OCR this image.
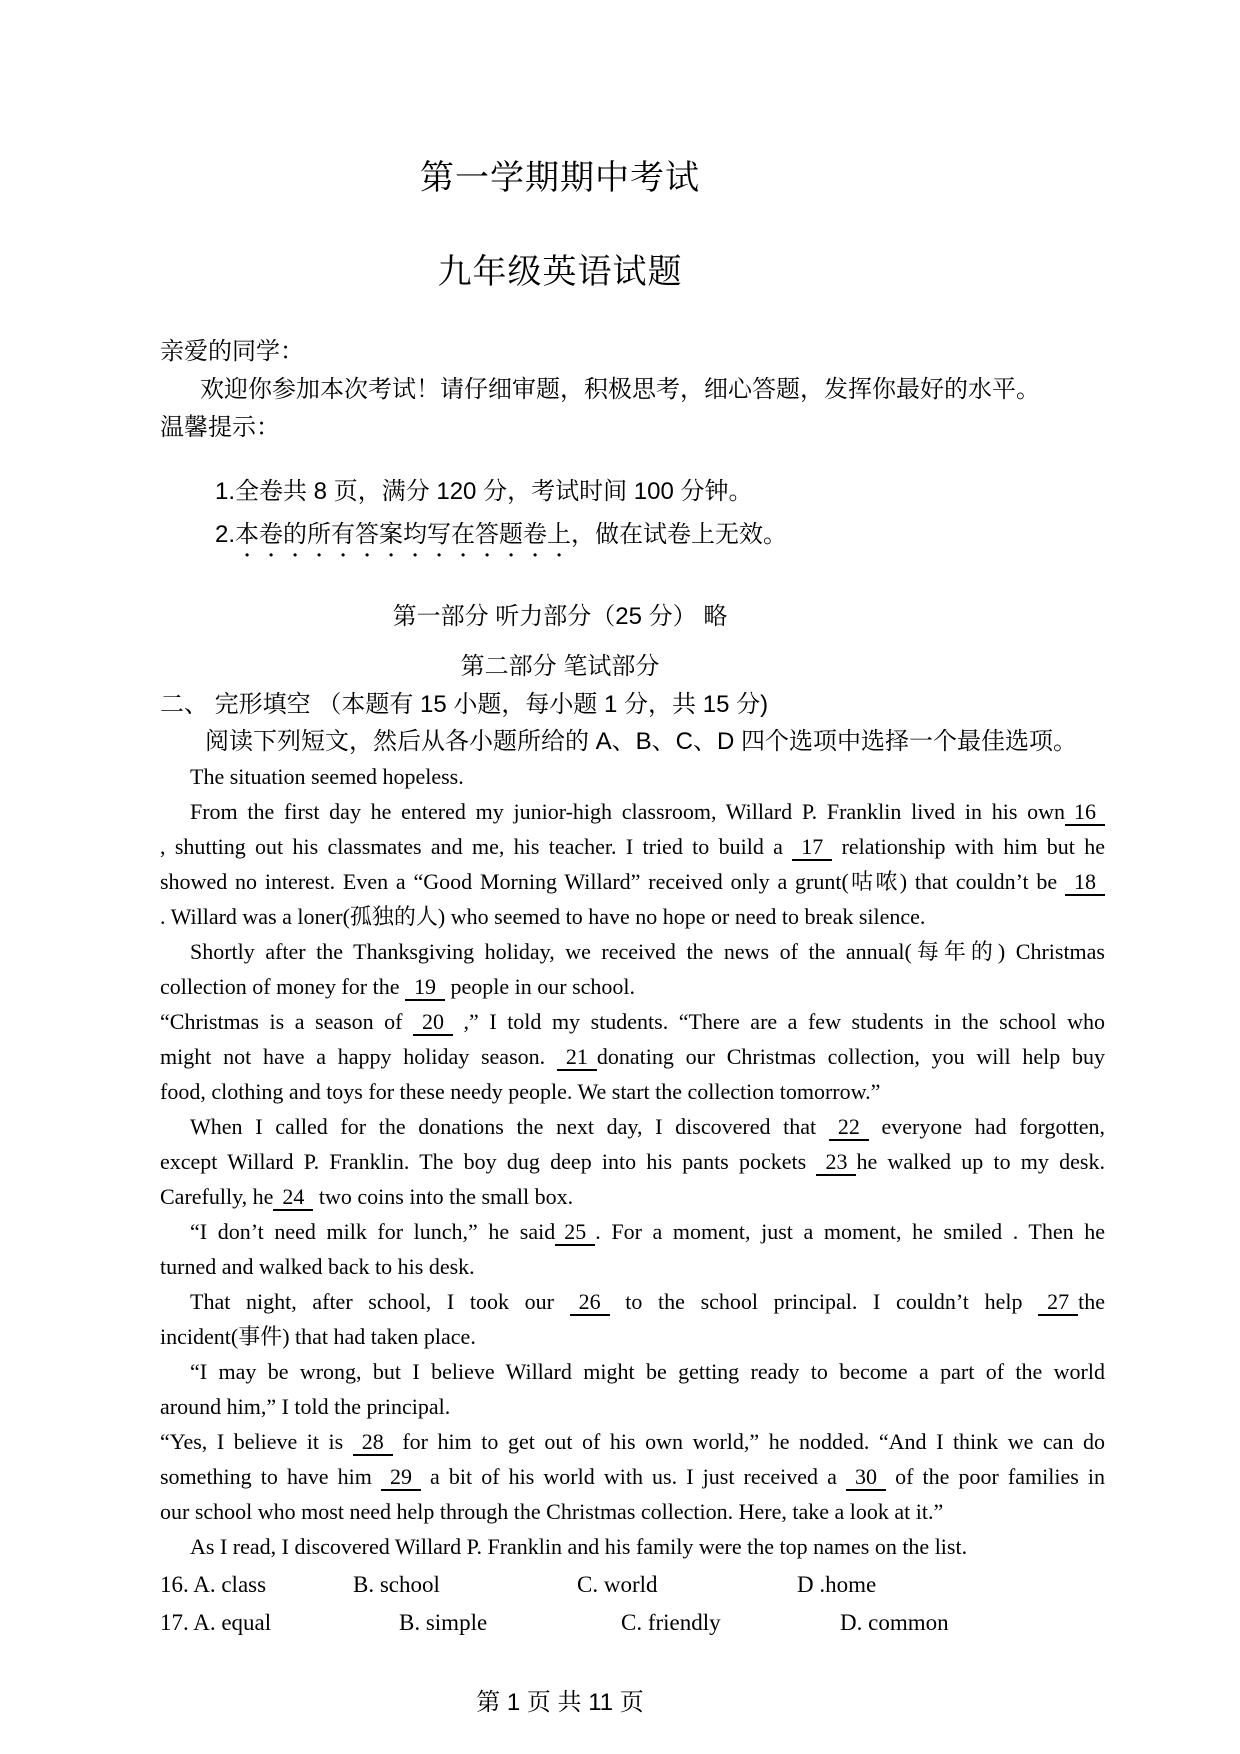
第一学期期中考试
九年级英语试题
亲爱的同学：
欢迎你参加本次考试！请仔细审题，积极思考，细心答题，发挥你最好的水平。
温馨提示：
1.全卷共 8 页，满分 120 分，考试时间 100 分钟。
2.本卷的所有答案均写在答题卷上，做在试卷上无效。
第一部分 听力部分（25 分） 略
第二部分 笔试部分
二、 完形填空 （本题有 15 小题，每小题 1 分，共 15 分)
阅读下列短文，然后从各小题所给的 A、B、C、D 四个选项中选择一个最佳选项。
The situation seemed hopeless.
From the first day he entered my junior-high classroom, Willard P. Franklin lived in his own 16
, shutting out his classmates and me, his teacher. I tried to build a 17 relationship with him but he
showed no interest. Even a “Good Morning Willard” received only a grunt(咕哝) that couldn’t be 18
. Willard was a loner(孤独的人) who seemed to have no hope or need to break silence.
Shortly after the Thanksgiving holiday, we received the news of the annual(每年的) Christmas
collection of money for the 19 people in our school.
“Christmas is a season of 20 ,” I told my students. “There are a few students in the school who
might not have a happy holiday season. 21 donating our Christmas collection, you will help buy
food, clothing and toys for these needy people. We start the collection tomorrow.”
When I called for the donations the next day, I discovered that 22 everyone had forgotten,
except Willard P. Franklin. The boy dug deep into his pants pockets 23 he walked up to my desk.
Carefully, he 24 two coins into the small box.
“I don’t need milk for lunch,” he said 25 . For a moment, just a moment, he smiled . Then he
turned and walked back to his desk.
That night, after school, I took our 26 to the school principal. I couldn’t help 27 the
incident(事件) that had taken place.
“I may be wrong, but I believe Willard might be getting ready to become a part of the world
around him,” I told the principal.
“Yes, I believe it is 28 for him to get out of his own world,” he nodded. “And I think we can do
something to have him 29 a bit of his world with us. I just received a 30 of the poor families in
our school who most need help through the Christmas collection. Here, take a look at it.”
As I read, I discovered Willard P. Franklin and his family were the top names on the list.
16. A. class	B. school	C. world	D .home
17. A. equal	B. simple	C. friendly	D. common
第 1 页 共 11 页
